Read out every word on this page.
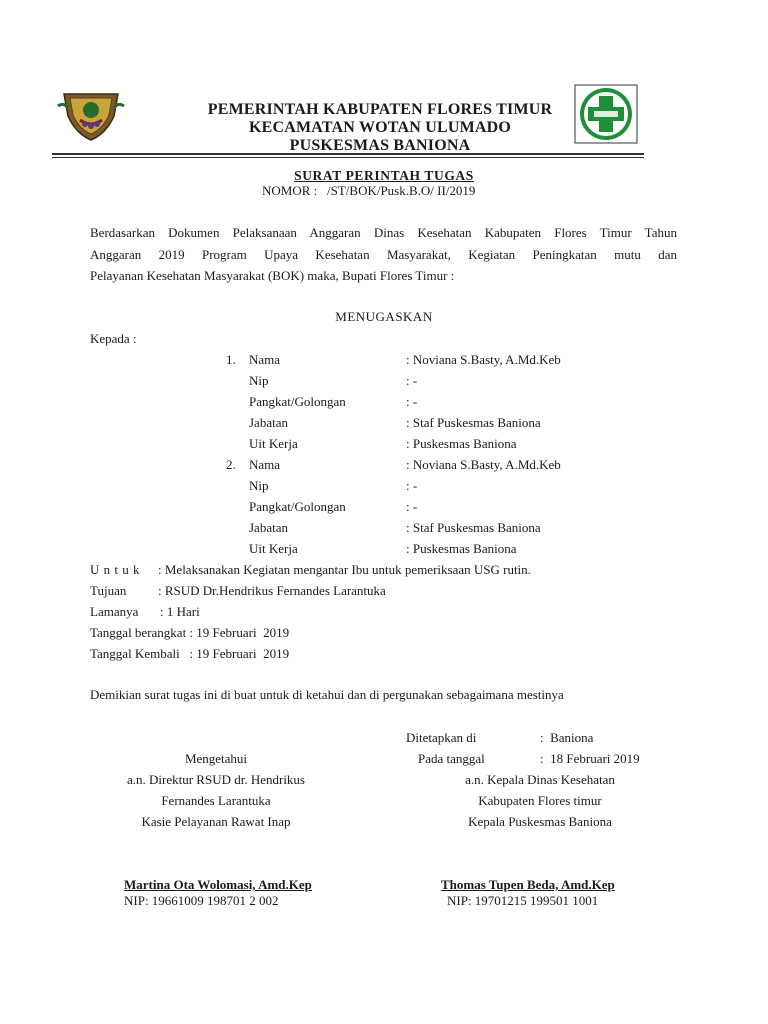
PEMERINTAH KABUPATEN FLORES TIMUR
KECAMATAN WOTAN ULUMADO
PUSKESMAS BANIONA
SURAT PERINTAH TUGAS
NOMOR : /ST/BOK/Pusk.B.O/ II/2019
Berdasarkan Dokumen Pelaksanaan Anggaran Dinas Kesehatan Kabupaten Flores Timur Tahun
Anggaran 2019 Program Upaya Kesehatan Masyarakat, Kegiatan Peningkatan mutu dan
Pelayanan Kesehatan Masyarakat (BOK) maka, Bupati Flores Timur :
MENUGASKAN
Kepada :
1. Nama	: Noviana S.Basty, A.Md.Keb
Nip	: -
Pangkat/Golongan	: -
Jabatan	: Staf Puskesmas Baniona
Uit Kerja	: Puskesmas Baniona
2. Nama	: Noviana S.Basty, A.Md.Keb
Nip	: -
Pangkat/Golongan	: -
Jabatan	: Staf Puskesmas Baniona
Uit Kerja	: Puskesmas Baniona
U n t u k : Melaksanakan Kegiatan mengantar Ibu untuk pemeriksaan USG rutin.
Tujuan : RSUD Dr.Hendrikus Fernandes Larantuka
Lamanya : 1 Hari
Tanggal berangkat : 19 Februari  2019
Tanggal Kembali   : 19 Februari  2019
Demikian surat tugas ini di buat untuk di ketahui dan di pergunakan sebagaimana mestinya
Ditetapkan di	:  Baniona
Pada tanggal	:  18 Februari 2019
Mengetahui
a.n. Direktur RSUD dr. Hendrikus
Fernandes Larantuka
Kasie Pelayanan Rawat Inap
Martina Ota Wolomasi, Amd.Kep
NIP: 19661009 198701 2 002
a.n. Kepala Dinas Kesehatan
Kabupaten Flores timur
Kepala Puskesmas Baniona
Thomas Tupen Beda, Amd.Kep
NIP: 19701215 199501 1001
